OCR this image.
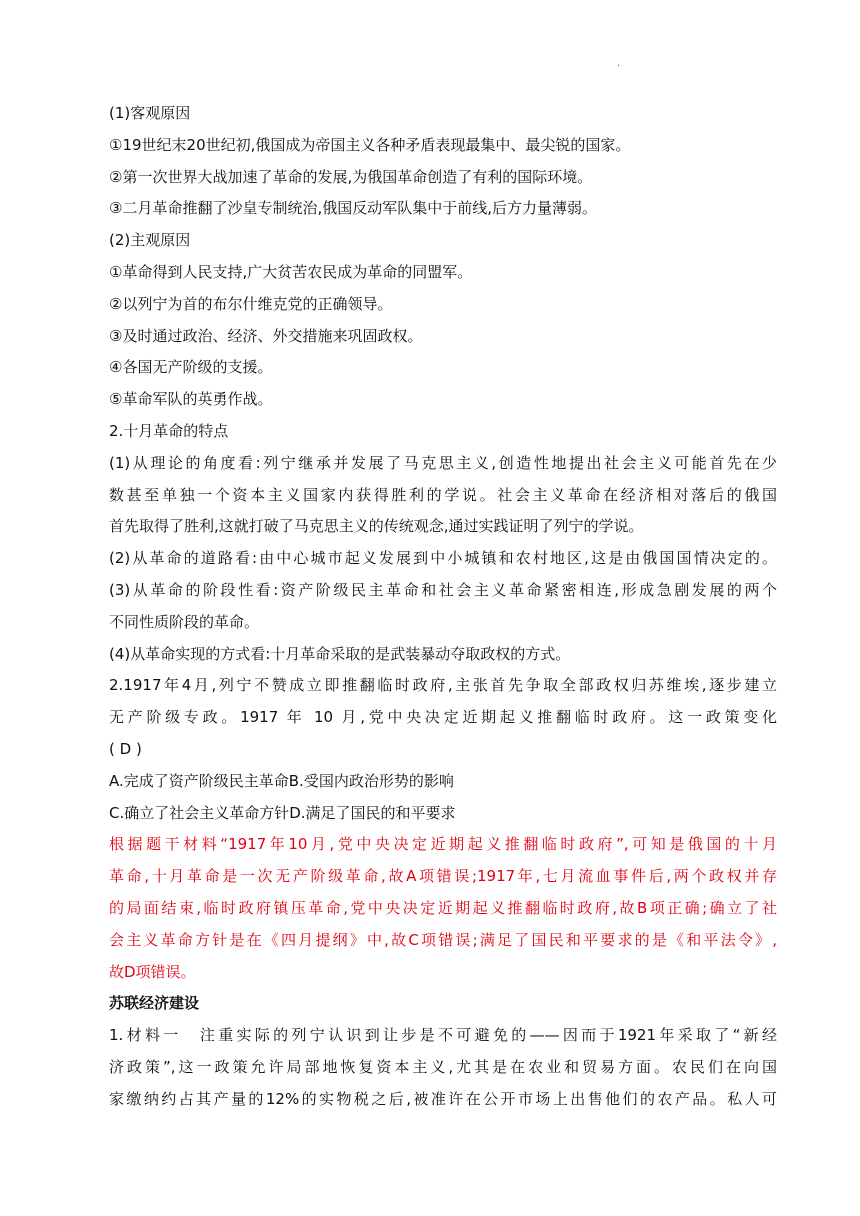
.
(1)客观原因
①19世纪末20世纪初,俄国成为帝国主义各种矛盾表现最集中、最尖锐的国家。
②第一次世界大战加速了革命的发展,为俄国革命创造了有利的国际环境。
③二月革命推翻了沙皇专制统治,俄国反动军队集中于前线,后方力量薄弱。
(2)主观原因
①革命得到人民支持,广大贫苦农民成为革命的同盟军。
②以列宁为首的布尔什维克党的正确领导。
③及时通过政治、经济、外交措施来巩固政权。
④各国无产阶级的支援。
⑤革命军队的英勇作战。
2.十月革命的特点
(1)从理论的角度看:列宁继承并发展了马克思主义,创造性地提出社会主义可能首先在少
数甚至单独一个资本主义国家内获得胜利的学说。社会主义革命在经济相对落后的俄国
首先取得了胜利,这就打破了马克思主义的传统观念,通过实践证明了列宁的学说。
(2)从革命的道路看:由中心城市起义发展到中小城镇和农村地区,这是由俄国国情决定的。
(3)从革命的阶段性看:资产阶级民主革命和社会主义革命紧密相连,形成急剧发展的两个
不同性质阶段的革命。
(4)从革命实现的方式看:十月革命采取的是武装暴动夺取政权的方式。
2.1917年4月,列宁不赞成立即推翻临时政府,主张首先争取全部政权归苏维埃,逐步建立
无产阶级专政。1917 年 10 月,党中央决定近期起义推翻临时政府。这一政策变化
( D )
A.完成了资产阶级民主革命B.受国内政治形势的影响
C.确立了社会主义革命方针D.满足了国民的和平要求
根据题干材料“1917年10月,党中央决定近期起义推翻临时政府”,可知是俄国的十月
革命,十月革命是一次无产阶级革命,故A项错误;1917年,七月流血事件后,两个政权并存
的局面结束,临时政府镇压革命,党中央决定近期起义推翻临时政府,故B项正确;确立了社
会主义革命方针是在《四月提纲》中,故C项错误;满足了国民和平要求的是《和平法令》,
故D项错误。
苏联经济建设
1.材料一　注重实际的列宁认识到让步是不可避免的——因而于1921年采取了“新经
济政策”,这一政策允许局部地恢复资本主义,尤其是在农业和贸易方面。农民们在向国
家缴纳约占其产量的12%的实物税之后,被准许在公开市场上出售他们的农产品。私人可
